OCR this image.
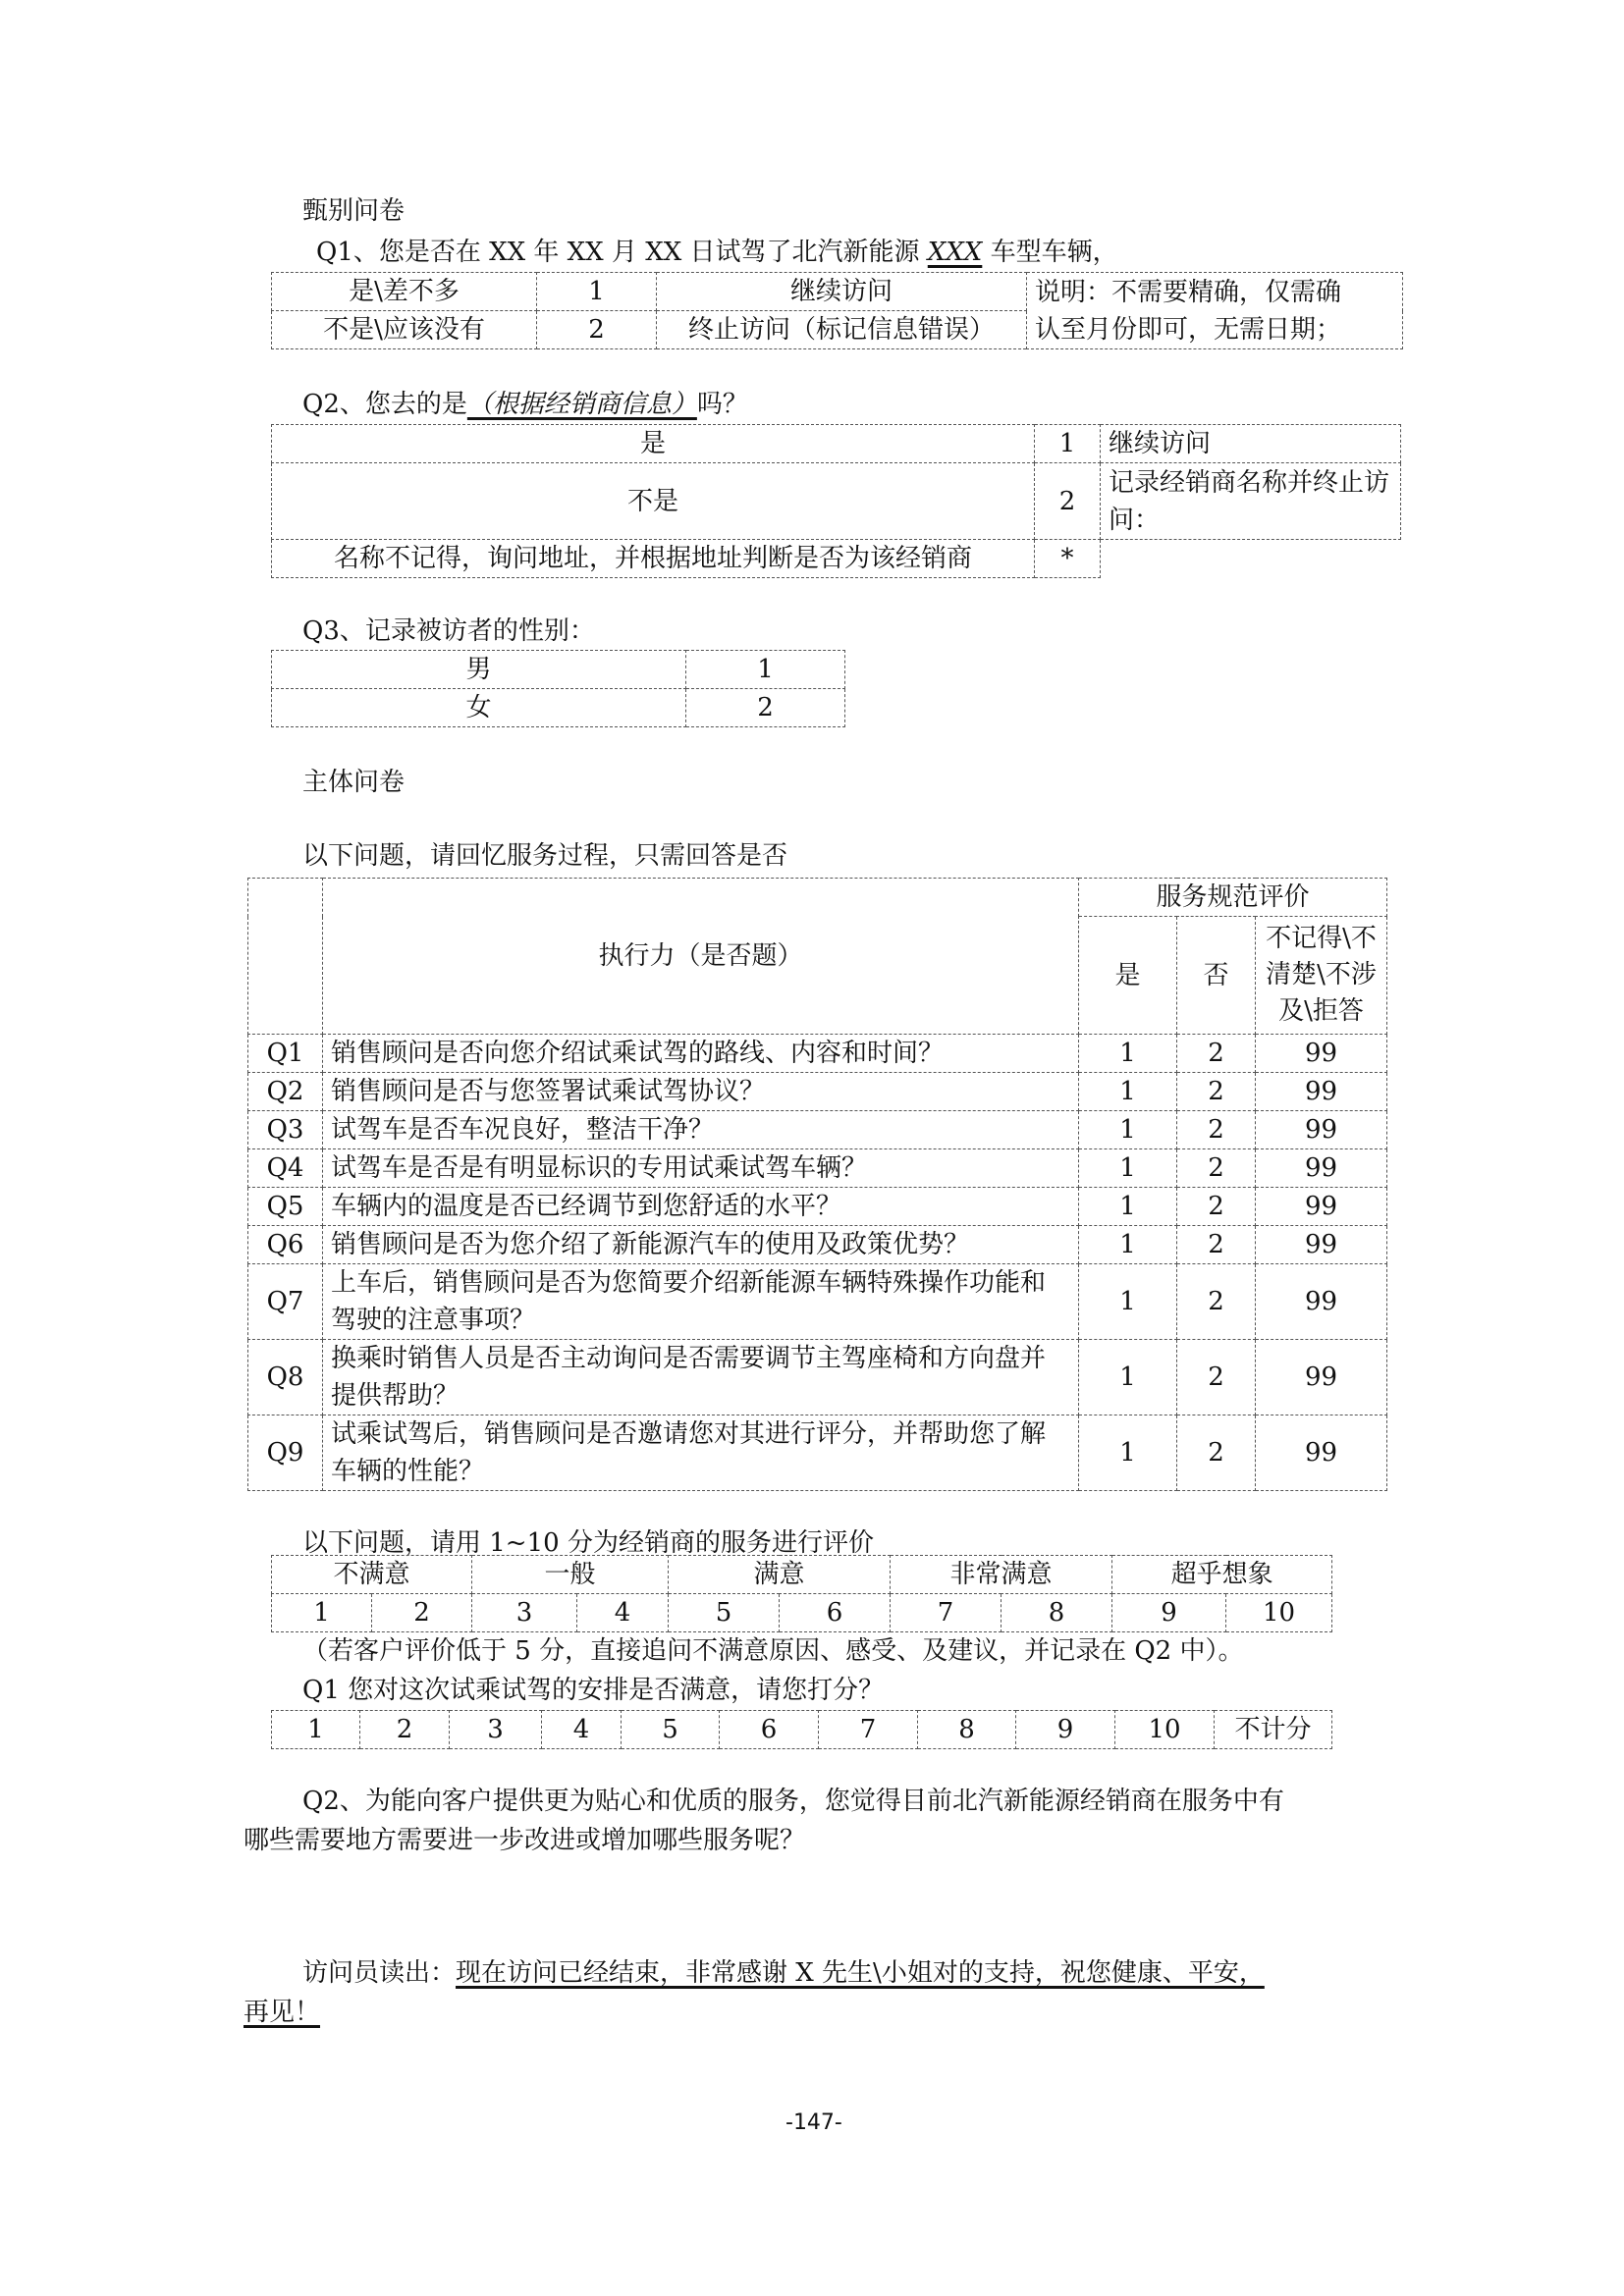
甄别问卷
Q1、您是否在 XX 年 XX 月 XX 日试驾了北汽新能源 XXX 车型车辆，
是\差不多	1	继续访问	说明：不需要精确，仅需确
认至月份即可，无需日期；

不是\应该没有	2	终止访问（标记信息错误）	
Q2、您去的是（根据经销商信息）吗？
是	1	继续访问
不是	2	记录经销商名称并终止访问：
名称不记得，询问地址，并根据地址判断是否为该经销商	*	
Q3、记录被访者的性别：
男	1
女	2
主体问卷
以下问题，请回忆服务过程，只需回答是否
	执行力（是否题）	服务规范评价		
		是	否	不记得\不清楚\不涉及\拒答
Q1	销售顾问是否向您介绍试乘试驾的路线、内容和时间？	1	2	99
Q2	销售顾问是否与您签署试乘试驾协议？	1	2	99
Q3	试驾车是否车况良好，整洁干净？	1	2	99
Q4	试驾车是否是有明显标识的专用试乘试驾车辆？	1	2	99
Q5	车辆内的温度是否已经调节到您舒适的水平？	1	2	99
Q6	销售顾问是否为您介绍了新能源汽车的使用及政策优势？	1	2	99
Q7	上车后，销售顾问是否为您简要介绍新能源车辆特殊操作功能和驾驶的注意事项？	1	2	99
Q8	换乘时销售人员是否主动询问是否需要调节主驾座椅和方向盘并提供帮助？	1	2	99
Q9	试乘试驾后，销售顾问是否邀请您对其进行评分，并帮助您了解车辆的性能？	1	2	99
以下问题，请用 1~10 分为经销商的服务进行评价
不满意		一般		满意		非常满意		超乎想象	
1	2	3	4	5	6	7	8	9	10
（若客户评价低于 5 分，直接追问不满意原因、感受、及建议，并记录在 Q2 中）。
Q1 您对这次试乘试驾的安排是否满意，请您打分？
1	2	3	4	5	6	7	8	9	10	不计分
Q2、为能向客户提供更为贴心和优质的服务，您觉得目前北汽新能源经销商在服务中有
哪些需要地方需要进一步改进或增加哪些服务呢？
访问员读出：现在访问已经结束，非常感谢 X 先生\小姐对的支持，祝您健康、平安，
再见！
-147-
